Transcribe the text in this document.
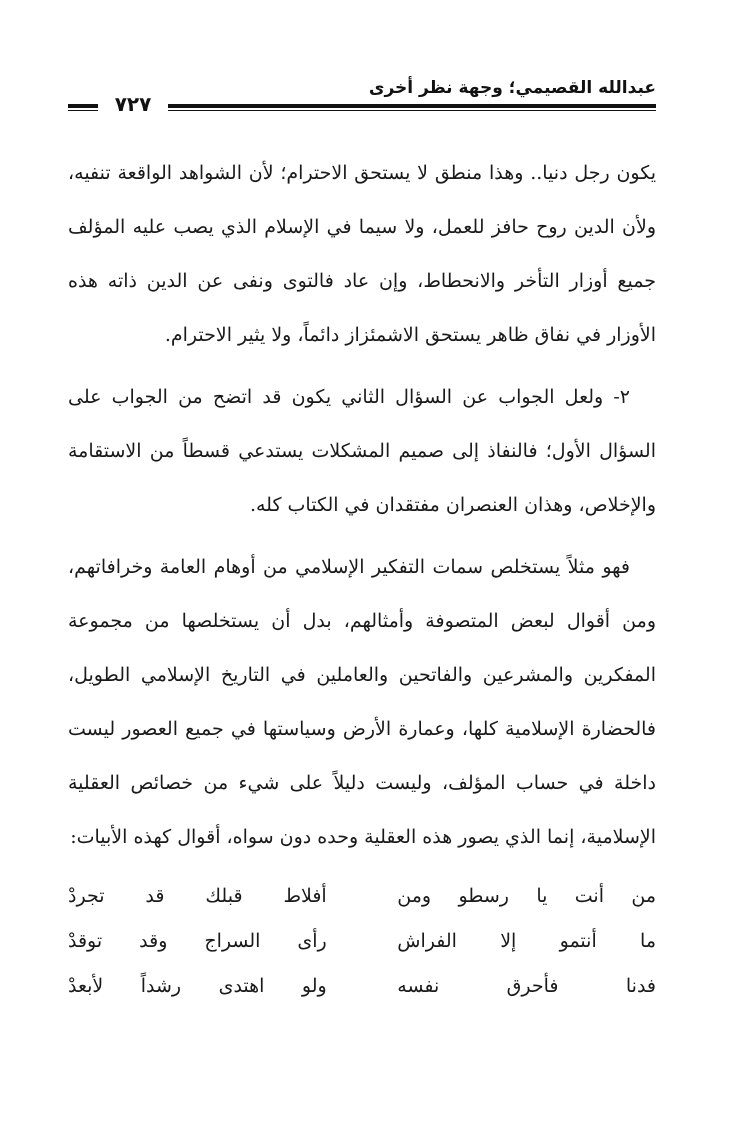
عبدالله القصيمي؛ وجهة نظر أخرى
٧٢٧

يكون رجل دنيا.. وهذا منطق لا يستحق الاحترام؛ لأن الشواهد الواقعة تنفيه، ولأن الدين روح حافز للعمل، ولا سيما في الإسلام الذي يصب عليه المؤلف جميع أوزار التأخر والانحطاط، وإن عاد فالتوى ونفى عن الدين ذاته هذه الأوزار في نفاق ظاهر يستحق الاشمئزاز دائماً، ولا يثير الاحترام.

٢- ولعل الجواب عن السؤال الثاني يكون قد اتضح من الجواب على السؤال الأول؛ فالنفاذ إلى صميم المشكلات يستدعي قسطاً من الاستقامة والإخلاص، وهذان العنصران مفتقدان في الكتاب كله.

فهو مثلاً يستخلص سمات التفكير الإسلامي من أوهام العامة وخرافاتهم، ومن أقوال لبعض المتصوفة وأمثالهم، بدل أن يستخلصها من مجموعة المفكرين والمشرعين والفاتحين والعاملين في التاريخ الإسلامي الطويل، فالحضارة الإسلامية كلها، وعمارة الأرض وسياستها في جميع العصور ليست داخلة في حساب المؤلف، وليست دليلاً على شيء من خصائص العقلية الإسلامية، إنما الذي يصور هذه العقلية وحده دون سواه، أقوال كهذه الأبيات:

من أنت يا رسطو ومن
أفلاط قبلك قد تجردْ
ما أنتمو إلا الفراش
رأى السراج وقد توقدْ
فدنا فأحرق نفسه
ولو اهتدى رشداً لأبعدْ
